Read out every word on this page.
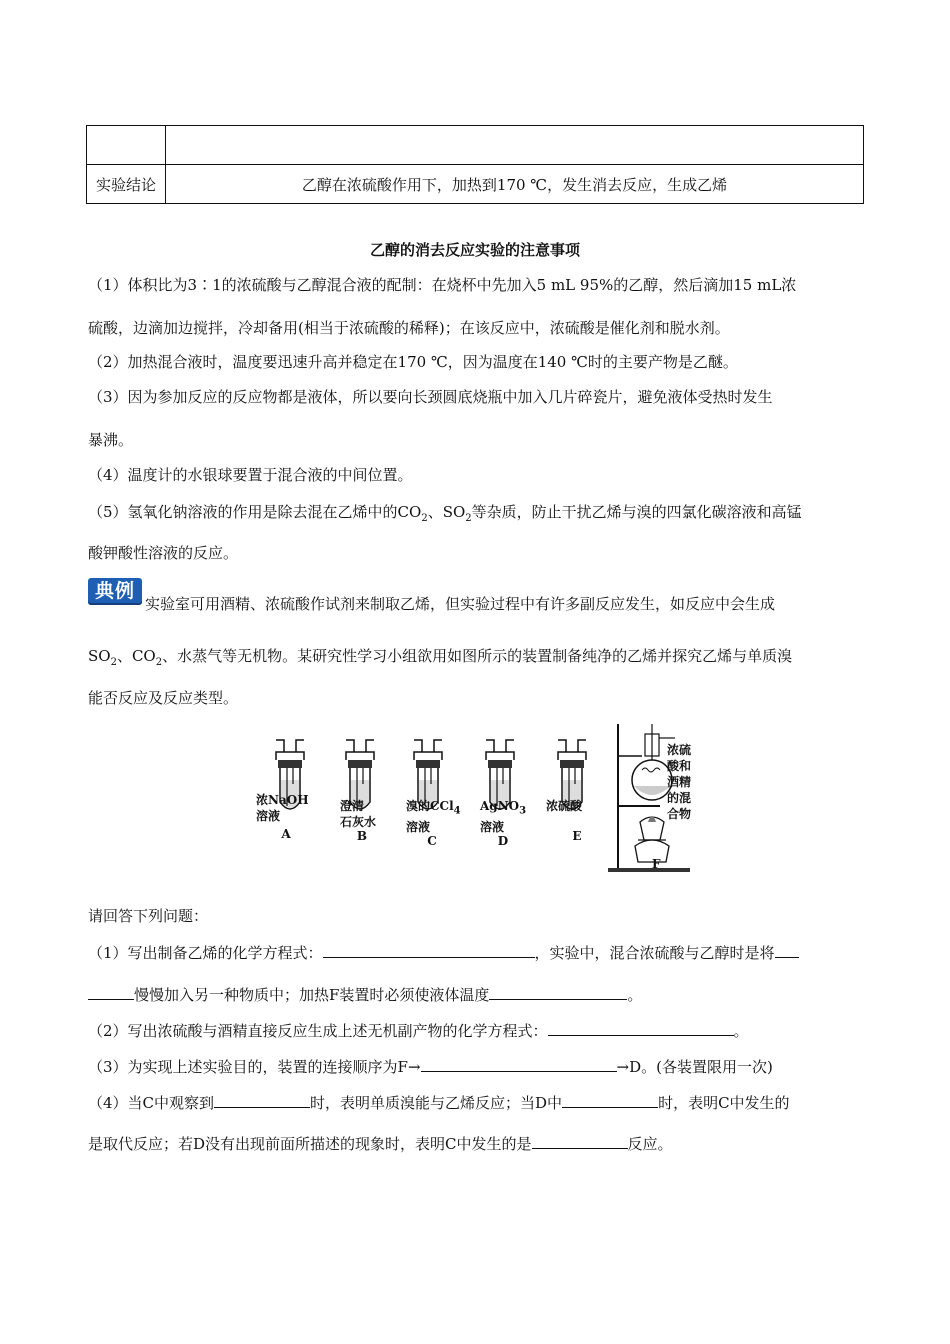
实验结论	乙醇在浓硫酸作用下，加热到170 ℃，发生消去反应，生成乙烯
乙醇的消去反应实验的注意事项
（1）体积比为3∶1的浓硫酸与乙醇混合液的配制：在烧杯中先加入5 mL 95%的乙醇，然后滴加15 mL浓
硫酸，边滴加边搅拌，冷却备用(相当于浓硫酸的稀释)；在该反应中，浓硫酸是催化剂和脱水剂。
（2）加热混合液时，温度要迅速升高并稳定在170 ℃，因为温度在140 ℃时的主要产物是乙醚。
（3）因为参加反应的反应物都是液体，所以要向长颈圆底烧瓶中加入几片碎瓷片，避免液体受热时发生
暴沸。
（4）温度计的水银球要置于混合液的中间位置。
（5）氢氧化钠溶液的作用是除去混在乙烯中的$CO_2$、$SO_2$等杂质，防止干扰乙烯与溴的四氯化碳溶液和高锰
酸钾酸性溶液的反应。
典例
实验室可用酒精、浓硫酸作试剂来制取乙烯，但实验过程中有许多副反应发生，如反应中会生成
$SO_2$、$CO_2$、水蒸气等无机物。某研究性学习小组欲用如图所示的装置制备纯净的乙烯并探究乙烯与单质溴
能否反应及反应类型。
浓NaOH
溶液
A
澄清
石灰水
B
溴的CCl$_4$
溶液
C
AgNO$_3$
溶液
D
浓硫酸
E
浓硫
酸和
酒精
的混
合物
F
请回答下列问题：
（1）写出制备乙烯的化学方程式：	，实验中，混合浓硫酸与乙醇时是将
慢慢加入另一种物质中；加热F装置时必须使液体温度	。
（2）写出浓硫酸与酒精直接反应生成上述无机副产物的化学方程式：	。
（3）为实现上述实验目的，装置的连接顺序为F→	→D。(各装置限用一次)
（4）当C中观察到	时，表明单质溴能与乙烯反应；当D中	时，表明C中发生的
是取代反应；若D没有出现前面所描述的现象时，表明C中发生的是	反应。
